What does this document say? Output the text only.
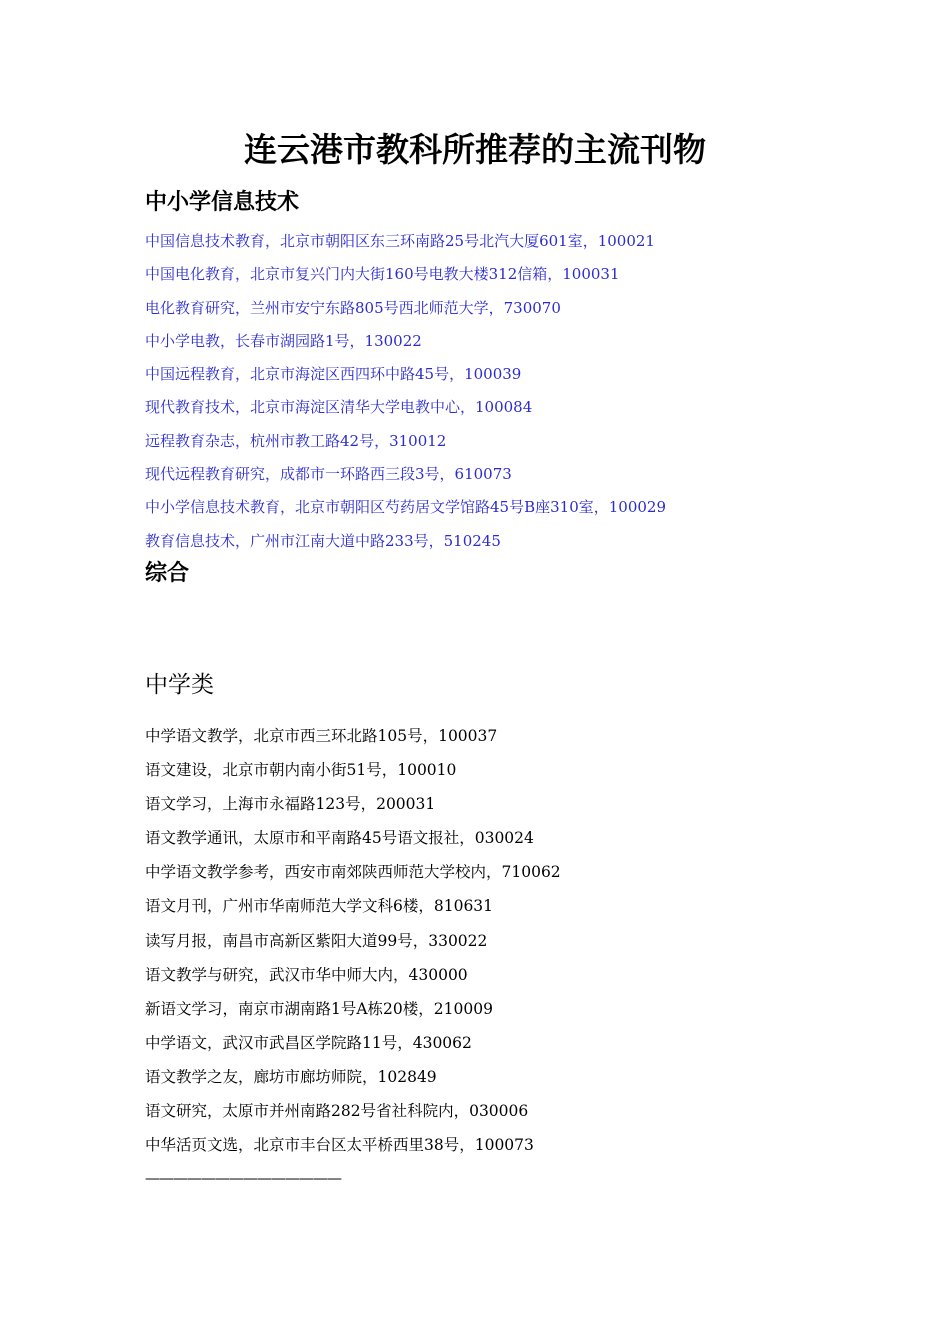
连云港市教科所推荐的主流刊物
中小学信息技术
中国信息技术教育，北京市朝阳区东三环南路25号北汽大厦601室，100021
中国电化教育，北京市复兴门内大街160号电教大楼312信箱，100031
电化教育研究，兰州市安宁东路805号西北师范大学，730070
中小学电教，长春市湖园路1号，130022
中国远程教育，北京市海淀区西四环中路45号，100039
现代教育技术，北京市海淀区清华大学电教中心，100084
远程教育杂志，杭州市教工路42号，310012
现代远程教育研究，成都市一环路西三段3号，610073
中小学信息技术教育，北京市朝阳区芍药居文学馆路45号B座310室，100029
教育信息技术，广州市江南大道中路233号，510245
综合
中学类
中学语文教学，北京市西三环北路105号，100037
语文建设，北京市朝内南小街51号，100010
语文学习，上海市永福路123号，200031
语文教学通讯，太原市和平南路45号语文报社，030024
中学语文教学参考，西安市南郊陕西师范大学校内，710062
语文月刊，广州市华南师范大学文科6楼，810631
读写月报，南昌市高新区紫阳大道99号，330022
语文教学与研究，武汉市华中师大内，430000
新语文学习，南京市湖南路1号A栋20楼，210009
中学语文，武汉市武昌区学院路11号，430062
语文教学之友，廊坊市廊坊师院，102849
语文研究，太原市并州南路282号省社科院内，030006
中华活页文选，北京市丰台区太平桥西里38号，100073
——————————————
